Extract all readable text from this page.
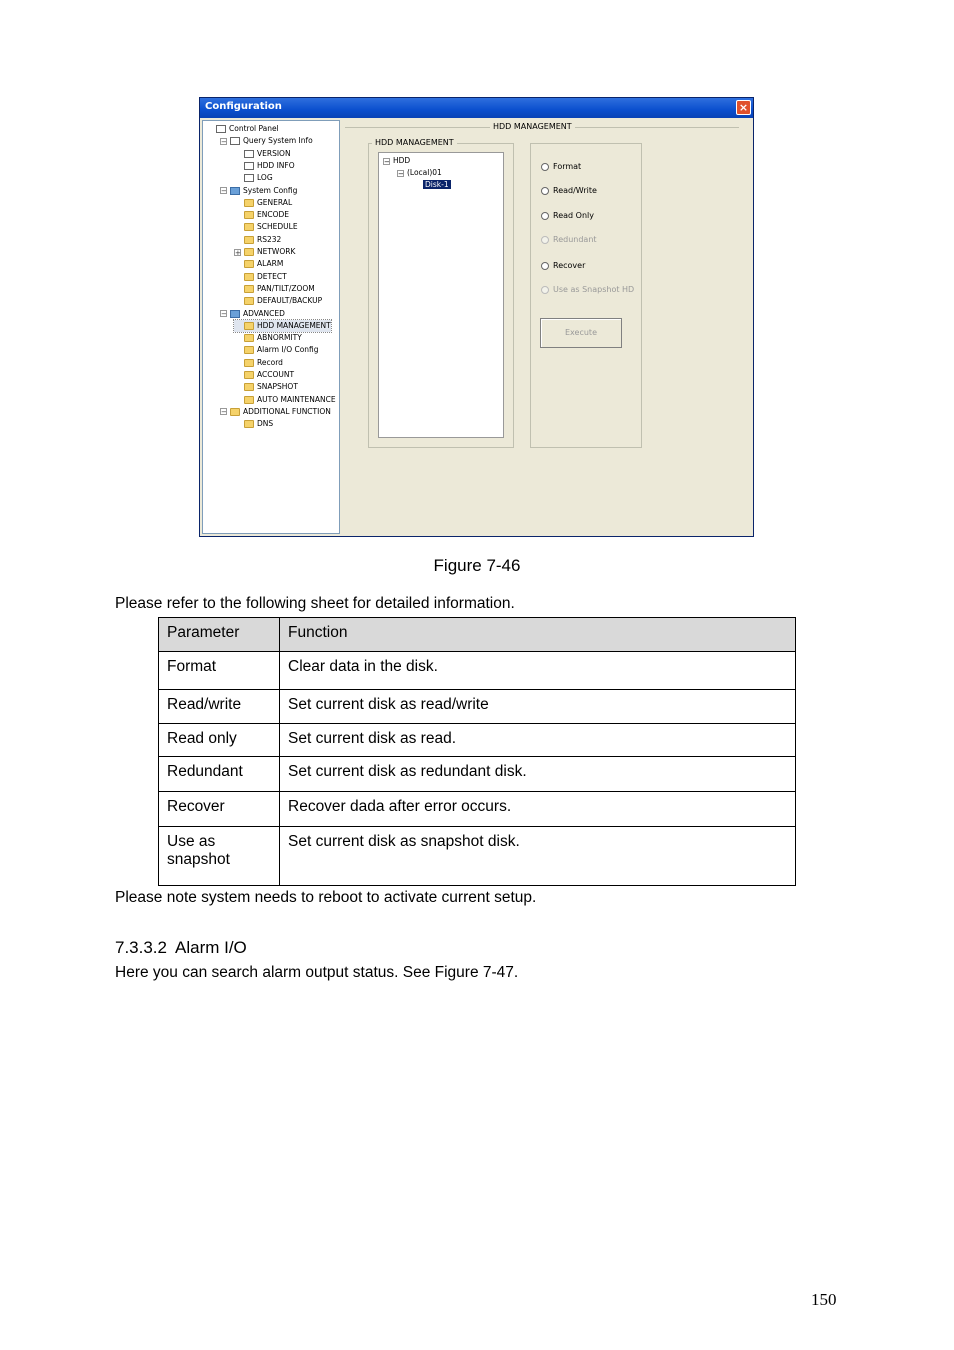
Configuration	×
Control Panel
− Query System Info
VERSION
HDD INFO
LOG
− System Config
GENERAL
ENCODE
SCHEDULE
RS232
+ NETWORK
ALARM
DETECT
PAN/TILT/ZOOM
DEFAULT/BACKUP
− ADVANCED
HDD MANAGEMENT
ABNORMITY
Alarm I/O Config
Record
ACCOUNT
SNAPSHOT
AUTO MAINTENANCE
− ADDITIONAL FUNCTION
DNS
HDD MANAGEMENT
HDD MANAGEMENT
− HDD
− (Local)01
Disk-1
Format
Read/Write
Read Only
Redundant
Recover
Use as Snapshot HD
Execute
Figure 7-46
Please refer to the following sheet for detailed information.
Parameter	Function
Format	Clear data in the disk.
Read/write	Set current disk as read/write
Read only	Set current disk as read.
Redundant	Set current disk as redundant disk.
Recover	Recover dada after error occurs.
Use as snapshot	Set current disk as snapshot disk.
Please note system needs to reboot to activate current setup.
7.3.3.2 Alarm I/O
Here you can search alarm output status. See Figure 7-47.
150
